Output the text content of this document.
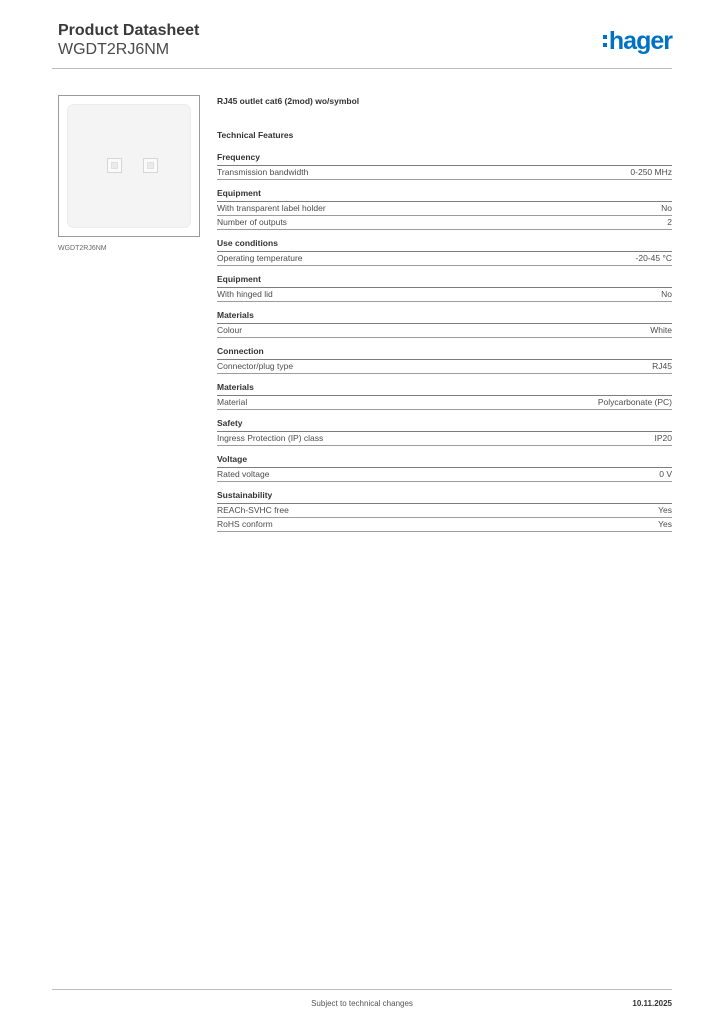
Product Datasheet
WGDT2RJ6NM	hager
WGDT2RJ6NM
RJ45 outlet cat6 (2mod) wo/symbol
Technical Features
Frequency
Transmission bandwidth	0-250 MHz
Equipment
With transparent label holder	No
Number of outputs	2
Use conditions
Operating temperature	-20-45 °C
Equipment
With hinged lid	No
Materials
Colour	White
Connection
Connector/plug type	RJ45
Materials
Material	Polycarbonate (PC)
Safety
Ingress Protection (IP) class	IP20
Voltage
Rated voltage	0 V
Sustainability
REACh-SVHC free	Yes
RoHS conform	Yes
Subject to technical changes	10.11.2025
